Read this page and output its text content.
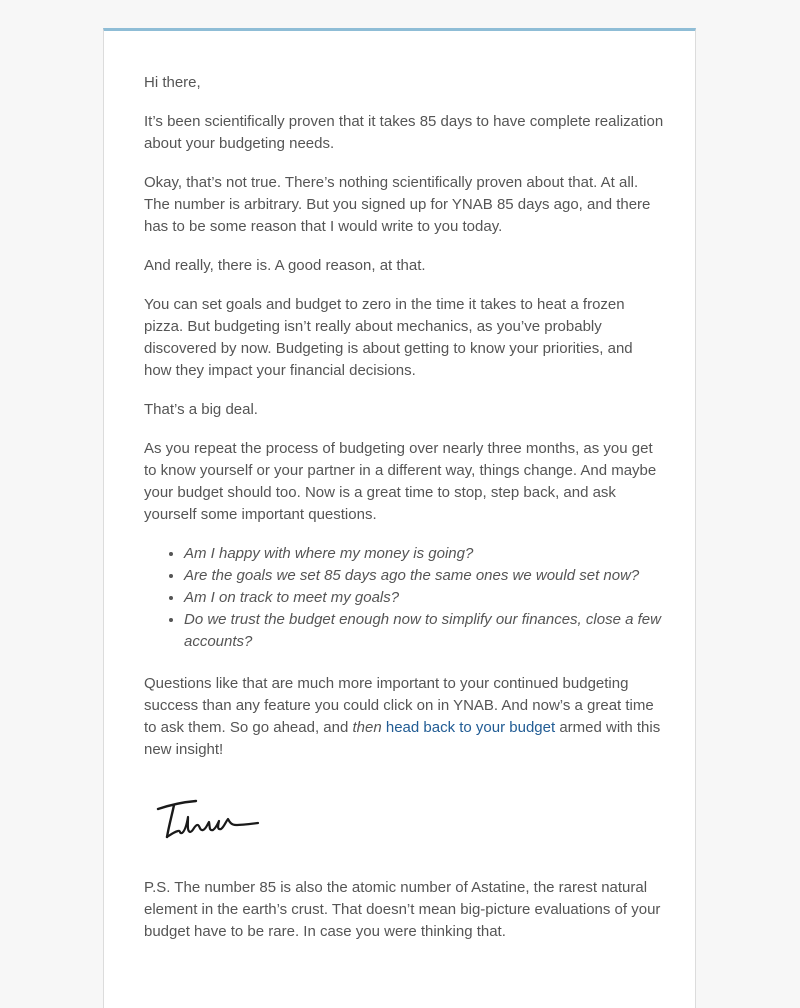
Hi there,

It’s been scientifically proven that it takes 85 days to have complete realization about your budgeting needs.

Okay, that’s not true. There’s nothing scientifically proven about that. At all. The number is arbitrary. But you signed up for YNAB 85 days ago, and there has to be some reason that I would write to you today.

And really, there is. A good reason, at that.

You can set goals and budget to zero in the time it takes to heat a frozen pizza. But budgeting isn’t really about mechanics, as you’ve probably discovered by now. Budgeting is about getting to know your priorities, and how they impact your financial decisions.

That’s a big deal.

As you repeat the process of budgeting over nearly three months, as you get to know yourself or your partner in a different way, things change. And maybe your budget should too. Now is a great time to stop, step back, and ask yourself some important questions.

• Am I happy with where my money is going?
• Are the goals we set 85 days ago the same ones we would set now?
• Am I on track to meet my goals?
• Do we trust the budget enough now to simplify our finances, close a few accounts?

Questions like that are much more important to your continued budgeting success than any feature you could click on in YNAB. And now’s a great time to ask them. So go ahead, and then head back to your budget armed with this new insight!

P.S. The number 85 is also the atomic number of Astatine, the rarest natural element in the earth’s crust. That doesn’t mean big-picture evaluations of your budget have to be rare. In case you were thinking that.
